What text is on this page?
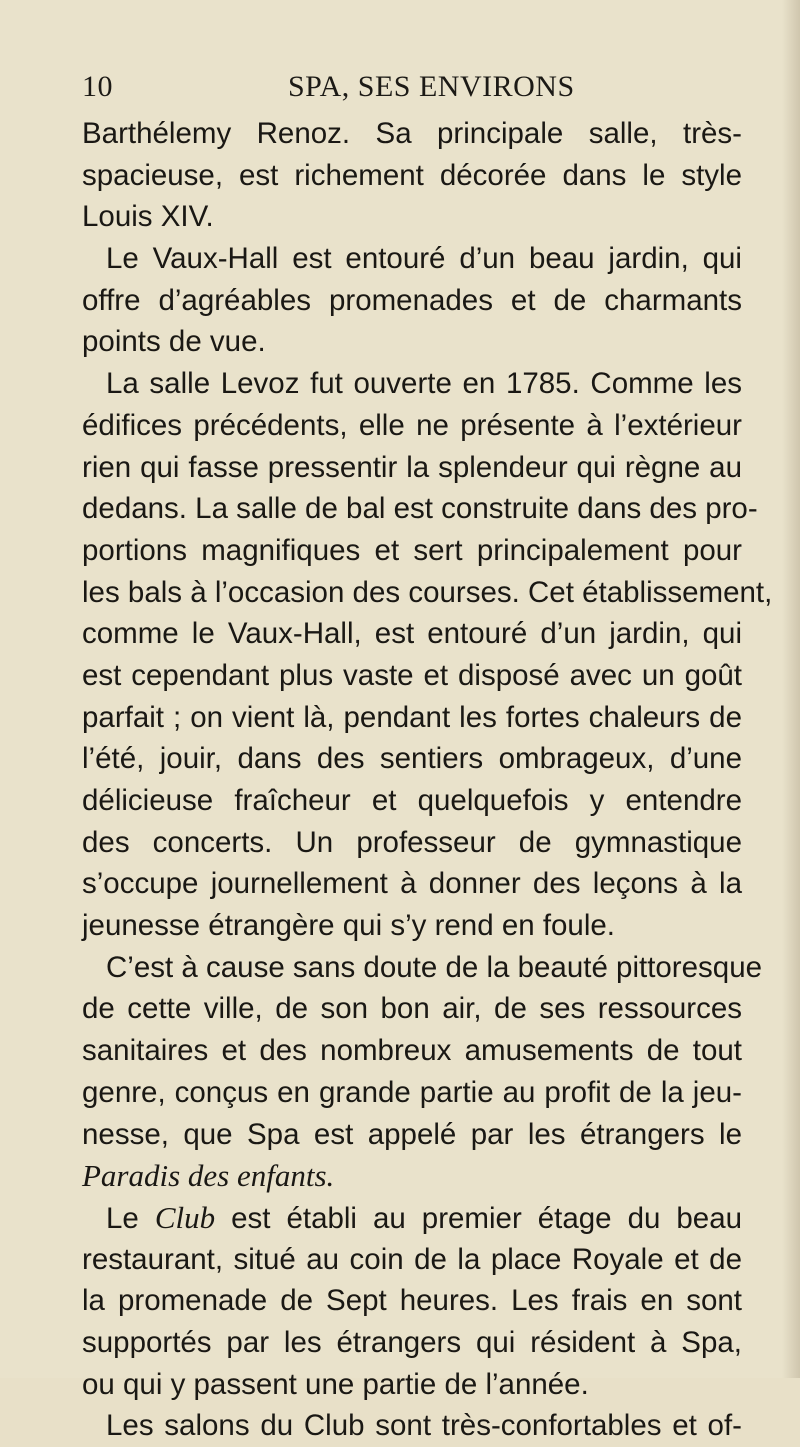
10	SPA, SES ENVIRONS
Barthélemy Renoz. Sa principale salle, très-
spacieuse, est richement décorée dans le style
Louis XIV.
Le Vaux-Hall est entouré d’un beau jardin, qui
offre d’agréables promenades et de charmants
points de vue.
La salle Levoz fut ouverte en 1785. Comme les
édifices précédents, elle ne présente à l’extérieur
rien qui fasse pressentir la splendeur qui règne au
dedans. La salle de bal est construite dans des pro-
portions magnifiques et sert principalement pour
les bals à l’occasion des courses. Cet établissement,
comme le Vaux-Hall, est entouré d’un jardin, qui
est cependant plus vaste et disposé avec un goût
parfait ; on vient là, pendant les fortes chaleurs de
l’été, jouir, dans des sentiers ombrageux, d’une
délicieuse fraîcheur et quelquefois y entendre
des concerts. Un professeur de gymnastique
s’occupe journellement à donner des leçons à la
jeunesse étrangère qui s’y rend en foule.
C’est à cause sans doute de la beauté pittoresque
de cette ville, de son bon air, de ses ressources
sanitaires et des nombreux amusements de tout
genre, conçus en grande partie au profit de la jeu-
nesse, que Spa est appelé par les étrangers le
Paradis des enfants.
Le Club est établi au premier étage du beau
restaurant, situé au coin de la place Royale et de
la promenade de Sept heures. Les frais en sont
supportés par les étrangers qui résident à Spa,
ou qui y passent une partie de l’année.
Les salons du Club sont très-confortables et of-
